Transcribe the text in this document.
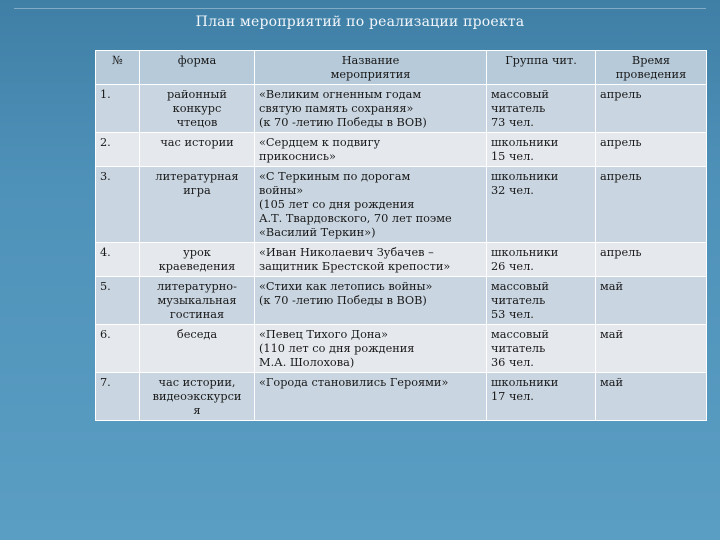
План мероприятий по реализации проекта
№	форма	Название
мероприятия	Группа чит.	Время
проведения
1.	районный
конкурс
чтецов	«Великим огненным годам
святую память сохраняя»
(к 70 -летию Победы в ВОВ)	массовый
читатель
73 чел.	апрель
2.	час истории	«Сердцем к подвигу
прикоснись»	школьники
15 чел.	апрель
3.	литературная
игра	«С Теркиным по дорогам
войны»
(105 лет со дня рождения
А.Т. Твардовского, 70 лет поэме
«Василий Теркин»)	школьники
32 чел.	апрель
4.	урок
краеведения	«Иван Николаевич Зубачев –
защитник Брестской крепости»	школьники
26 чел.	апрель
5.	литературно-
музыкальная
гостиная	«Стихи как летопись войны»
(к 70 -летию Победы в ВОВ)	массовый
читатель
53 чел.	май
6.	беседа	«Певец Тихого Дона»
(110 лет со дня рождения
М.А. Шолохова)	массовый
читатель
36 чел.	май
7.	час истории,
видеоэкскурси
я	«Города становились Героями»	школьники
17 чел.	май
